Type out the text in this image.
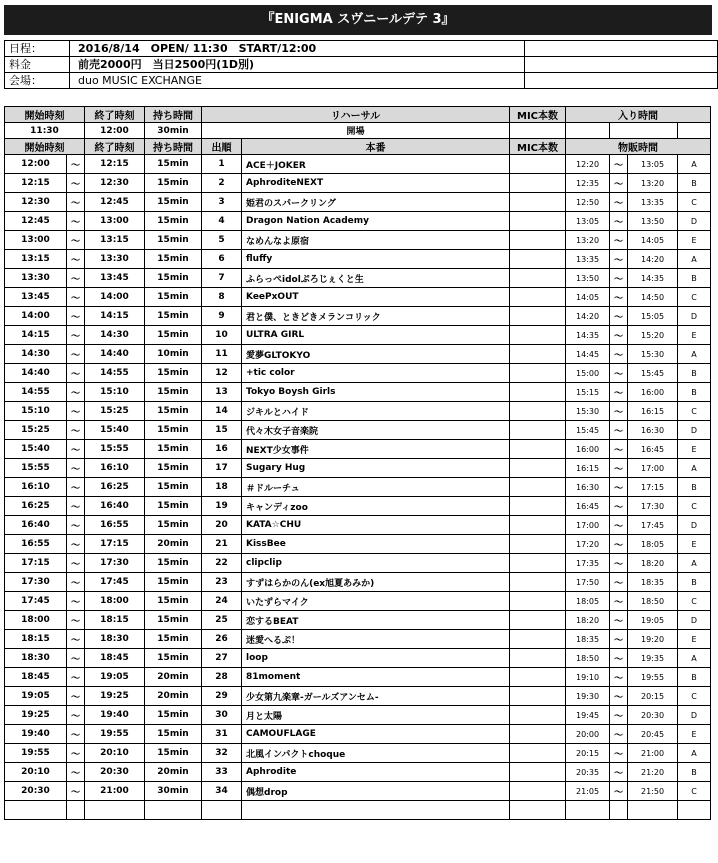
『ENIGMA スヴニールデテ 3』
日程：	2016/8/14　OPEN/ 11:30　START/12:00	
料金	前売2000円　当日2500円(1D別)	
会場：	duo MUSIC EXCHANGE	
開始時刻		終了時刻	持ち時間	リハーサル		MIC本数	入り時間			
11:30		12:00	30min	開場						
開始時刻		終了時刻	持ち時間	出順	本番	MIC本数	物販時間			
12:00	〜	12:15	15min	1	ACE＋JOKER		12:20	〜	13:05	A
12:15	〜	12:30	15min	2	AphroditeNEXT		12:35	〜	13:20	B
12:30	〜	12:45	15min	3	姫君のスパークリング		12:50	〜	13:35	C
12:45	〜	13:00	15min	4	Dragon Nation Academy		13:05	〜	13:50	D
13:00	〜	13:15	15min	5	なめんなよ原宿		13:20	〜	14:05	E
13:15	〜	13:30	15min	6	fluffy		13:35	〜	14:20	A
13:30	〜	13:45	15min	7	ふらっぺidolぷろじぇくと生		13:50	〜	14:35	B
13:45	〜	14:00	15min	8	KeePxOUT		14:05	〜	14:50	C
14:00	〜	14:15	15min	9	君と僕、ときどきメランコリック		14:20	〜	15:05	D
14:15	〜	14:30	15min	10	ULTRA GIRL		14:35	〜	15:20	E
14:30	〜	14:40	10min	11	愛夢GLTOKYO		14:45	〜	15:30	A
14:40	〜	14:55	15min	12	+tic color		15:00	〜	15:45	B
14:55	〜	15:10	15min	13	Tokyo Boysh Girls		15:15	〜	16:00	B
15:10	〜	15:25	15min	14	ジキルとハイド		15:30	〜	16:15	C
15:25	〜	15:40	15min	15	代々木女子音楽院		15:45	〜	16:30	D
15:40	〜	15:55	15min	16	NEXT少女事件		16:00	〜	16:45	E
15:55	〜	16:10	15min	17	Sugary Hug		16:15	〜	17:00	A
16:10	〜	16:25	15min	18	＃ドルーチュ		16:30	〜	17:15	B
16:25	〜	16:40	15min	19	キャンディzoo		16:45	〜	17:30	C
16:40	〜	16:55	15min	20	KATA☆CHU		17:00	〜	17:45	D
16:55	〜	17:15	20min	21	KissBee		17:20	〜	18:05	E
17:15	〜	17:30	15min	22	clipclip		17:35	〜	18:20	A
17:30	〜	17:45	15min	23	すずはらかのん(ex旭夏あみか)		17:50	〜	18:35	B
17:45	〜	18:00	15min	24	いたずらマイク		18:05	〜	18:50	C
18:00	〜	18:15	15min	25	恋するBEAT		18:20	〜	19:05	D
18:15	〜	18:30	15min	26	迷愛へるぷ！		18:35	〜	19:20	E
18:30	〜	18:45	15min	27	loop		18:50	〜	19:35	A
18:45	〜	19:05	20min	28	81moment		19:10	〜	19:55	B
19:05	〜	19:25	20min	29	少女第九楽章-ガールズアンセム-		19:30	〜	20:15	C
19:25	〜	19:40	15min	30	月と太陽		19:45	〜	20:30	D
19:40	〜	19:55	15min	31	CAMOUFLAGE		20:00	〜	20:45	E
19:55	〜	20:10	15min	32	北風インパクトchoque		20:15	〜	21:00	A
20:10	〜	20:30	20min	33	Aphrodite		20:35	〜	21:20	B
20:30	〜	21:00	30min	34	偶想drop		21:05	〜	21:50	C
